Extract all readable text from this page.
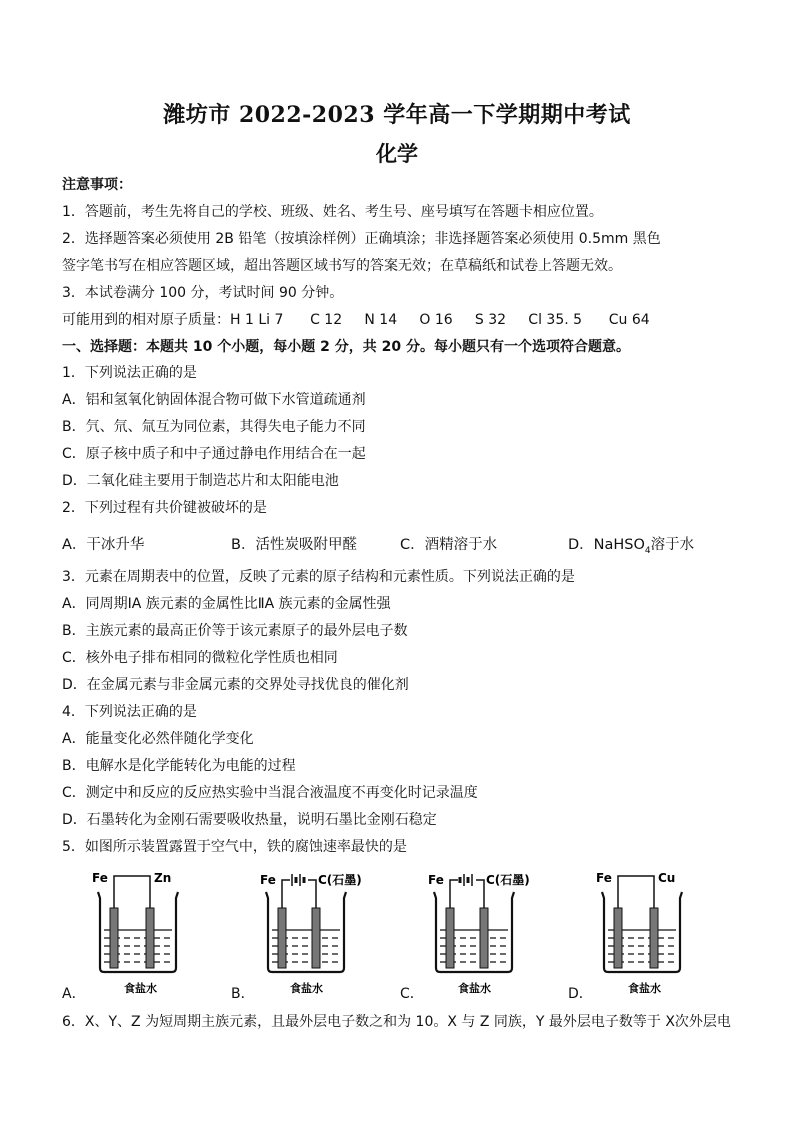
潍坊市 2022-2023 学年高一下学期期中考试
化学
注意事项：
1．答题前，考生先将自己的学校、班级、姓名、考生号、座号填写在答题卡相应位置。
2．选择题答案必须使用 2B 铅笔（按填涂样例）正确填涂；非选择题答案必须使用 0.5mm 黑色
签字笔书写在相应答题区域，超出答题区域书写的答案无效；在草稿纸和试卷上答题无效。
3．本试卷满分 100 分，考试时间 90 分钟。
可能用到的相对原子质量：H 1 Li 7      C 12     N 14     O 16     S 32     Cl 35. 5      Cu 64
一、选择题：本题共 10 个小题，每小题 2 分，共 20 分。每小题只有一个选项符合题意。
1．下列说法正确的是
A．铝和氢氧化钠固体混合物可做下水管道疏通剂
B．氕、氘、氚互为同位素，其得失电子能力不同
C．原子核中质子和中子通过静电作用结合在一起
D．二氧化硅主要用于制造芯片和太阳能电池
2．下列过程有共价键被破坏的是
A．干冰升华	B．活性炭吸附甲醛	C．酒精溶于水	D．NaHSO$_4$溶于水
3．元素在周期表中的位置，反映了元素的原子结构和元素性质。下列说法正确的是
A．同周期ⅠA 族元素的金属性比ⅡA 族元素的金属性强
B．主族元素的最高正价等于该元素原子的最外层电子数
C．核外电子排布相同的微粒化学性质也相同
D．在金属元素与非金属元素的交界处寻找优良的催化剂
4．下列说法正确的是
A．能量变化必然伴随化学变化
B．电解水是化学能转化为电能的过程
C．测定中和反应的反应热实验中当混合液温度不再变化时记录温度
D．石墨转化为金刚石需要吸收热量，说明石墨比金刚石稳定
5．如图所示装置露置于空气中，铁的腐蚀速率最快的是
Fe	Zn
食盐水
A．
Fe	C(石墨)
食盐水
B．
Fe	C(石墨)
食盐水
C．
Fe	Cu
食盐水
D．
6．X、Y、Z 为短周期主族元素，且最外层电子数之和为 10。X 与 Z 同族，Y 最外层电子数等于 X次外层电
